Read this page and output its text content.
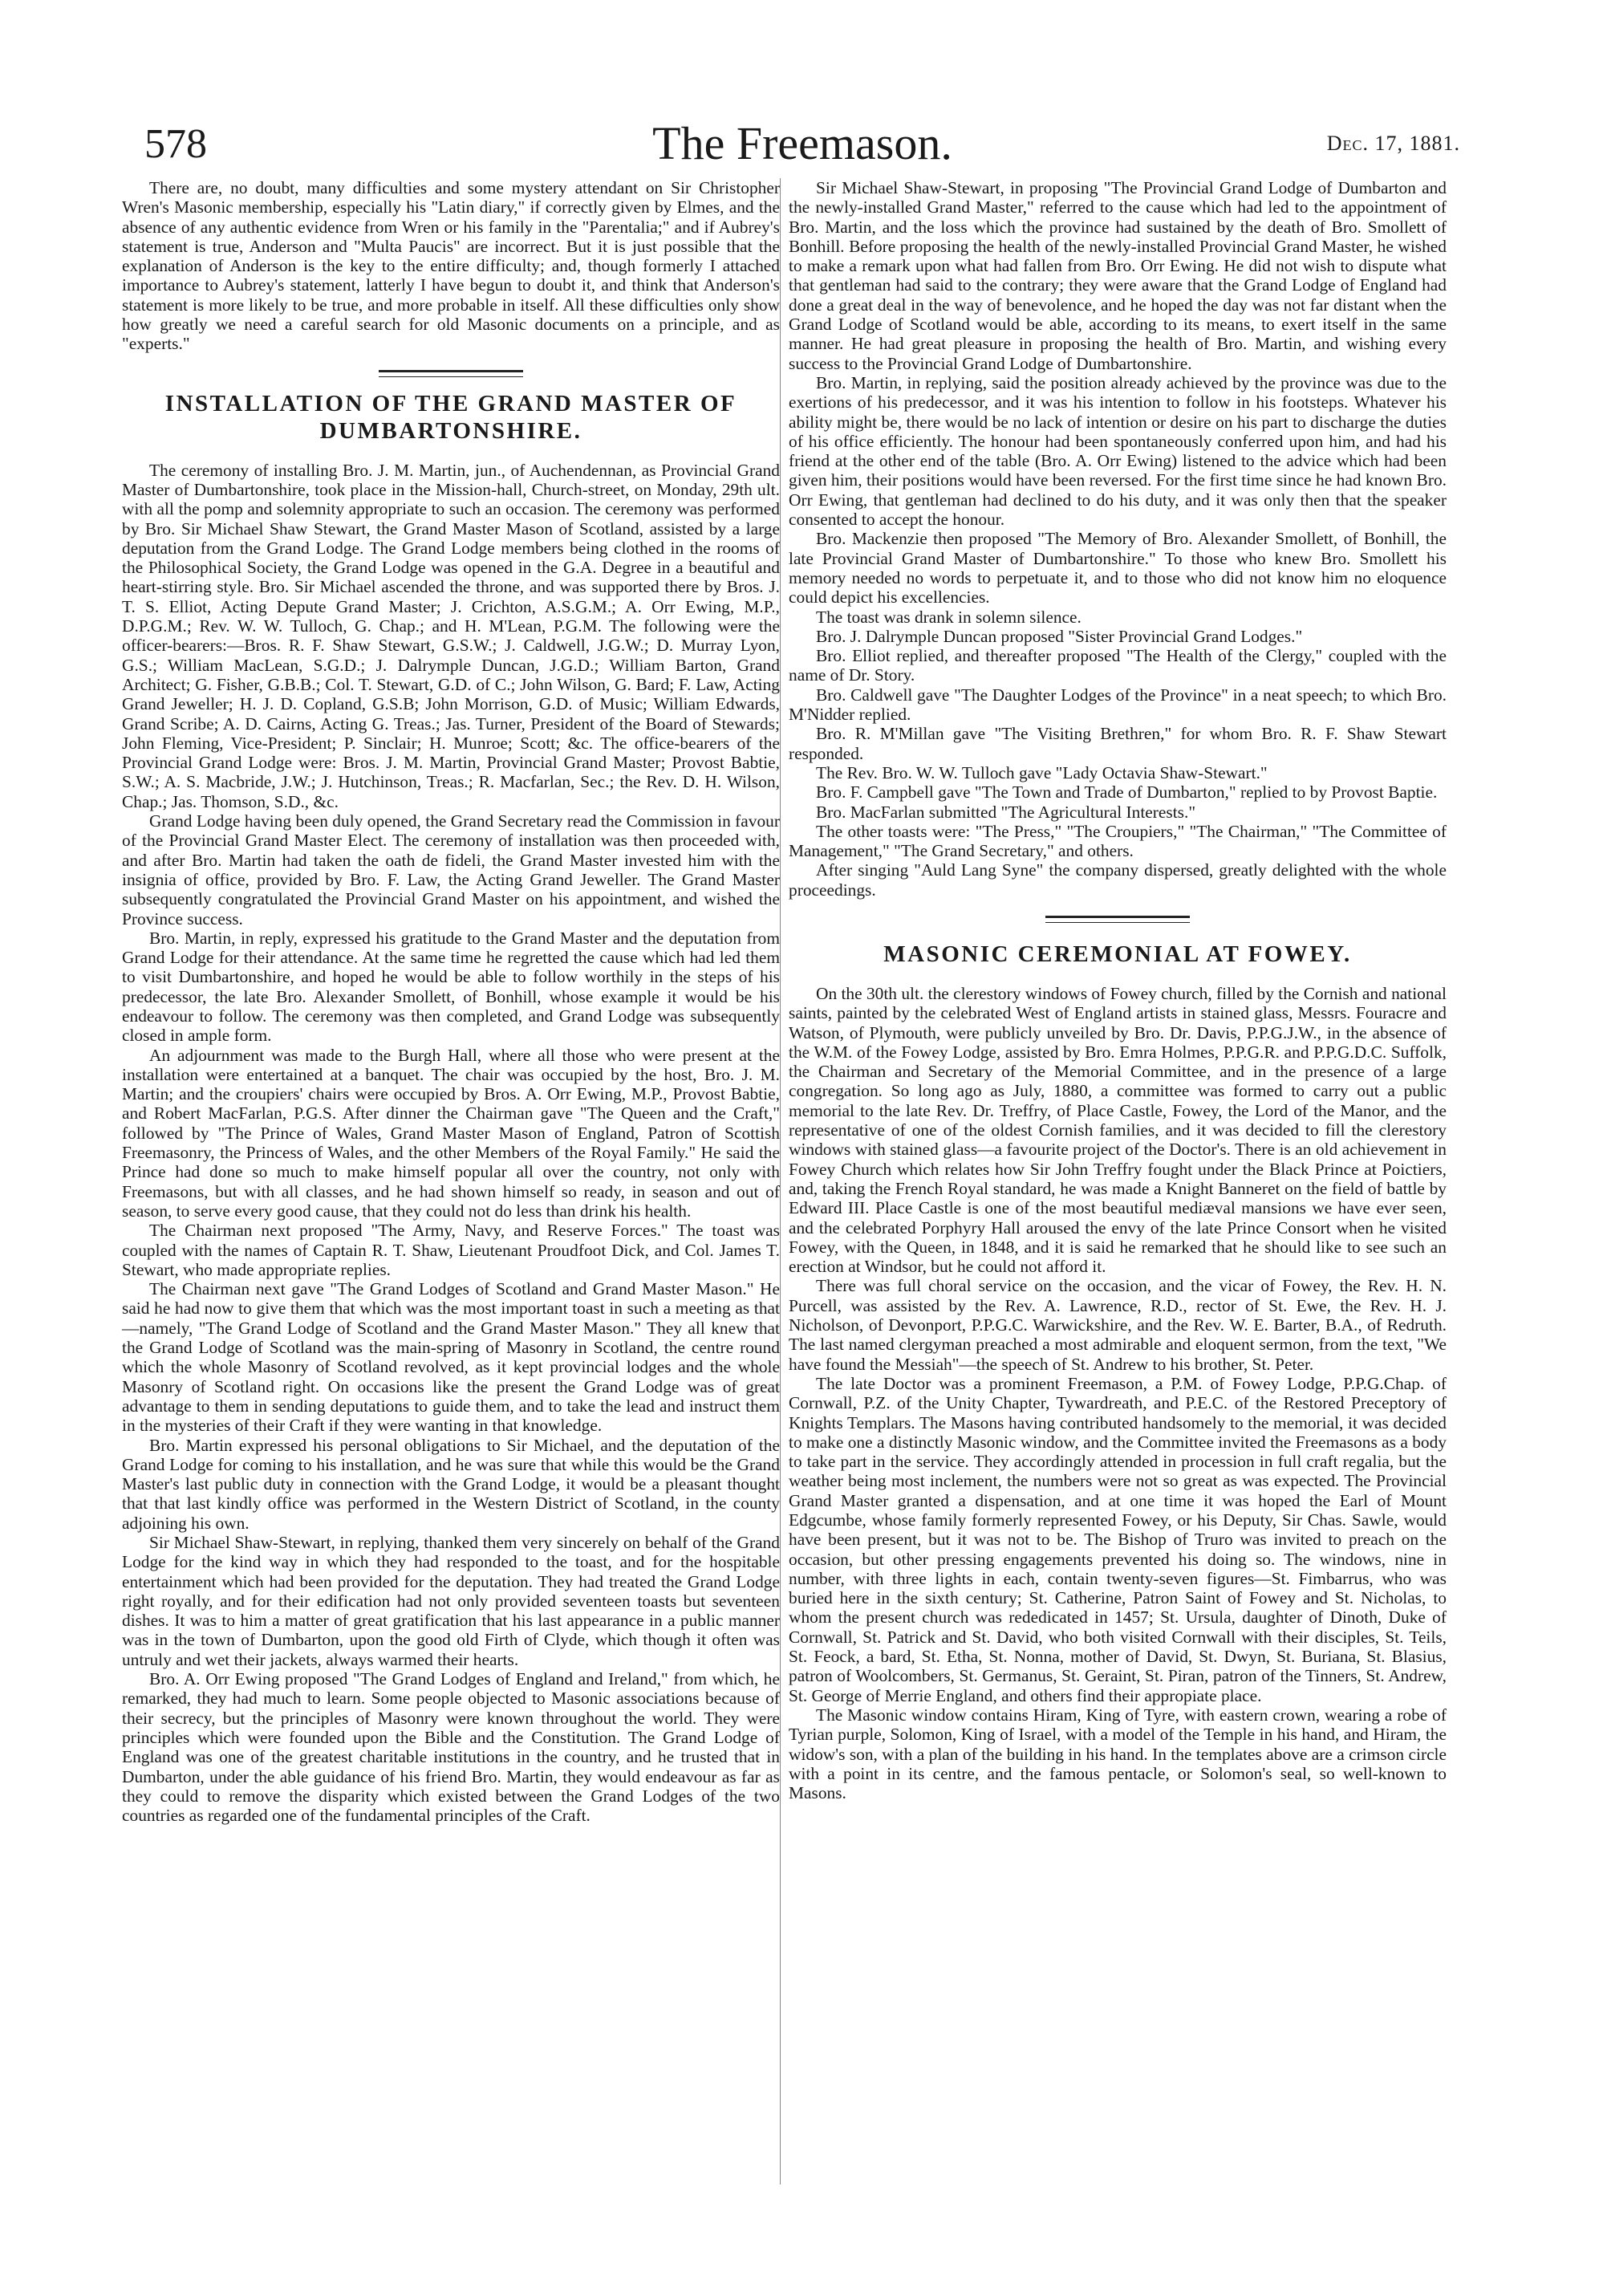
578	The Freemason.	Dec. 17, 1881.

There are, no doubt, many difficulties and some mystery attendant on Sir Christopher Wren's Masonic membership, especially his "Latin diary," if correctly given by Elmes, and the absence of any authentic evidence from Wren or his family in the "Parentalia;" and if Aubrey's statement is true, Anderson and "Multa Paucis" are incorrect. But it is just possible that the explanation of Anderson is the key to the entire difficulty; and, though formerly I attached importance to Aubrey's statement, latterly I have begun to doubt it, and think that Anderson's statement is more likely to be true, and more probable in itself. All these difficulties only show how greatly we need a careful search for old Masonic documents on a principle, and as "experts."

INSTALLATION OF THE GRAND MASTER OF DUMBARTONSHIRE.

The ceremony of installing Bro. J. M. Martin, jun., of Auchendennan, as Provincial Grand Master of Dumbartonshire, took place in the Mission-hall, Church-street, on Monday, 29th ult. with all the pomp and solemnity appropriate to such an occasion. The ceremony was performed by Bro. Sir Michael Shaw Stewart, the Grand Master Mason of Scotland, assisted by a large deputation from the Grand Lodge. The Grand Lodge members being clothed in the rooms of the Philosophical Society, the Grand Lodge was opened in the G.A. Degree in a beautiful and heart-stirring style. Bro. Sir Michael ascended the throne, and was supported there by Bros. J. T. S. Elliot, Acting Depute Grand Master; J. Crichton, A.S.G.M.; A. Orr Ewing, M.P., D.P.G.M.; Rev. W. W. Tulloch, G. Chap.; and H. M'Lean, P.G.M. The following were the officer-bearers:—Bros. R. F. Shaw Stewart, G.S.W.; J. Caldwell, J.G.W.; D. Murray Lyon, G.S.; William MacLean, S.G.D.; J. Dalrymple Duncan, J.G.D.; William Barton, Grand Architect; G. Fisher, G.B.B.; Col. T. Stewart, G.D. of C.; John Wilson, G. Bard; F. Law, Acting Grand Jeweller; H. J. D. Copland, G.S.B; John Morrison, G.D. of Music; William Edwards, Grand Scribe; A. D. Cairns, Acting G. Treas.; Jas. Turner, President of the Board of Stewards; John Fleming, Vice-President; P. Sinclair; H. Munroe; Scott; &c. The office-bearers of the Provincial Grand Lodge were: Bros. J. M. Martin, Provincial Grand Master; Provost Babtie, S.W.; A. S. Macbride, J.W.; J. Hutchinson, Treas.; R. Macfarlan, Sec.; the Rev. D. H. Wilson, Chap.; Jas. Thomson, S.D., &c.

Grand Lodge having been duly opened, the Grand Secretary read the Commission in favour of the Provincial Grand Master Elect. The ceremony of installation was then proceeded with, and after Bro. Martin had taken the oath de fideli, the Grand Master invested him with the insignia of office, provided by Bro. F. Law, the Acting Grand Jeweller. The Grand Master subsequently congratulated the Provincial Grand Master on his appointment, and wished the Province success.

Bro. Martin, in reply, expressed his gratitude to the Grand Master and the deputation from Grand Lodge for their attendance. At the same time he regretted the cause which had led them to visit Dumbartonshire, and hoped he would be able to follow worthily in the steps of his predecessor, the late Bro. Alexander Smollett, of Bonhill, whose example it would be his endeavour to follow. The ceremony was then completed, and Grand Lodge was subsequently closed in ample form.

An adjournment was made to the Burgh Hall, where all those who were present at the installation were entertained at a banquet. The chair was occupied by the host, Bro. J. M. Martin; and the croupiers' chairs were occupied by Bros. A. Orr Ewing, M.P., Provost Babtie, and Robert MacFarlan, P.G.S. After dinner the Chairman gave "The Queen and the Craft," followed by "The Prince of Wales, Grand Master Mason of England, Patron of Scottish Freemasonry, the Princess of Wales, and the other Members of the Royal Family." He said the Prince had done so much to make himself popular all over the country, not only with Freemasons, but with all classes, and he had shown himself so ready, in season and out of season, to serve every good cause, that they could not do less than drink his health.

The Chairman next proposed "The Army, Navy, and Reserve Forces." The toast was coupled with the names of Captain R. T. Shaw, Lieutenant Proudfoot Dick, and Col. James T. Stewart, who made appropriate replies.

The Chairman next gave "The Grand Lodges of Scotland and Grand Master Mason." He said he had now to give them that which was the most important toast in such a meeting as that—namely, "The Grand Lodge of Scotland and the Grand Master Mason." They all knew that the Grand Lodge of Scotland was the main-spring of Masonry in Scotland, the centre round which the whole Masonry of Scotland revolved, as it kept provincial lodges and the whole Masonry of Scotland right. On occasions like the present the Grand Lodge was of great advantage to them in sending deputations to guide them, and to take the lead and instruct them in the mysteries of their Craft if they were wanting in that knowledge.

Bro. Martin expressed his personal obligations to Sir Michael, and the deputation of the Grand Lodge for coming to his installation, and he was sure that while this would be the Grand Master's last public duty in connection with the Grand Lodge, it would be a pleasant thought that that last kindly office was performed in the Western District of Scotland, in the county adjoining his own.

Sir Michael Shaw-Stewart, in replying, thanked them very sincerely on behalf of the Grand Lodge for the kind way in which they had responded to the toast, and for the hospitable entertainment which had been provided for the deputation. They had treated the Grand Lodge right royally, and for their edification had not only provided seventeen toasts but seventeen dishes. It was to him a matter of great gratification that his last appearance in a public manner was in the town of Dumbarton, upon the good old Firth of Clyde, which though it often was untruly and wet their jackets, always warmed their hearts.

Bro. A. Orr Ewing proposed "The Grand Lodges of England and Ireland," from which, he remarked, they had much to learn. Some people objected to Masonic associations because of their secrecy, but the principles of Masonry were known throughout the world. They were principles which were founded upon the Bible and the Constitution. The Grand Lodge of England was one of the greatest charitable institutions in the country, and he trusted that in Dumbarton, under the able guidance of his friend Bro. Martin, they would endeavour as far as they could to remove the disparity which existed between the Grand Lodges of the two countries as regarded one of the fundamental principles of the Craft.

Sir Michael Shaw-Stewart, in proposing "The Provincial Grand Lodge of Dumbarton and the newly-installed Grand Master," referred to the cause which had led to the appointment of Bro. Martin, and the loss which the province had sustained by the death of Bro. Smollett of Bonhill. Before proposing the health of the newly-installed Provincial Grand Master, he wished to make a remark upon what had fallen from Bro. Orr Ewing. He did not wish to dispute what that gentleman had said to the contrary; they were aware that the Grand Lodge of England had done a great deal in the way of benevolence, and he hoped the day was not far distant when the Grand Lodge of Scotland would be able, according to its means, to exert itself in the same manner. He had great pleasure in proposing the health of Bro. Martin, and wishing every success to the Provincial Grand Lodge of Dumbartonshire.

Bro. Martin, in replying, said the position already achieved by the province was due to the exertions of his predecessor, and it was his intention to follow in his footsteps. Whatever his ability might be, there would be no lack of intention or desire on his part to discharge the duties of his office efficiently. The honour had been spontaneously conferred upon him, and had his friend at the other end of the table (Bro. A. Orr Ewing) listened to the advice which had been given him, their positions would have been reversed. For the first time since he had known Bro. Orr Ewing, that gentleman had declined to do his duty, and it was only then that the speaker consented to accept the honour.

Bro. Mackenzie then proposed "The Memory of Bro. Alexander Smollett, of Bonhill, the late Provincial Grand Master of Dumbartonshire." To those who knew Bro. Smollett his memory needed no words to perpetuate it, and to those who did not know him no eloquence could depict his excellencies.

The toast was drank in solemn silence.

Bro. J. Dalrymple Duncan proposed "Sister Provincial Grand Lodges."

Bro. Elliot replied, and thereafter proposed "The Health of the Clergy," coupled with the name of Dr. Story.

Bro. Caldwell gave "The Daughter Lodges of the Province" in a neat speech; to which Bro. M'Nidder replied.

Bro. R. M'Millan gave "The Visiting Brethren," for whom Bro. R. F. Shaw Stewart responded.

The Rev. Bro. W. W. Tulloch gave "Lady Octavia Shaw-Stewart."

Bro. F. Campbell gave "The Town and Trade of Dumbarton," replied to by Provost Baptie.

Bro. MacFarlan submitted "The Agricultural Interests."

The other toasts were: "The Press," "The Croupiers," "The Chairman," "The Committee of Management," "The Grand Secretary," and others.

After singing "Auld Lang Syne" the company dispersed, greatly delighted with the whole proceedings.

MASONIC CEREMONIAL AT FOWEY.

On the 30th ult. the clerestory windows of Fowey church, filled by the Cornish and national saints, painted by the celebrated West of England artists in stained glass, Messrs. Fouracre and Watson, of Plymouth, were publicly unveiled by Bro. Dr. Davis, P.P.G.J.W., in the absence of the W.M. of the Fowey Lodge, assisted by Bro. Emra Holmes, P.P.G.R. and P.P.G.D.C. Suffolk, the Chairman and Secretary of the Memorial Committee, and in the presence of a large congregation. So long ago as July, 1880, a committee was formed to carry out a public memorial to the late Rev. Dr. Treffry, of Place Castle, Fowey, the Lord of the Manor, and the representative of one of the oldest Cornish families, and it was decided to fill the clerestory windows with stained glass—a favourite project of the Doctor's. There is an old achievement in Fowey Church which relates how Sir John Treffry fought under the Black Prince at Poictiers, and, taking the French Royal standard, he was made a Knight Banneret on the field of battle by Edward III. Place Castle is one of the most beautiful mediæval mansions we have ever seen, and the celebrated Porphyry Hall aroused the envy of the late Prince Consort when he visited Fowey, with the Queen, in 1848, and it is said he remarked that he should like to see such an erection at Windsor, but he could not afford it.

There was full choral service on the occasion, and the vicar of Fowey, the Rev. H. N. Purcell, was assisted by the Rev. A. Lawrence, R.D., rector of St. Ewe, the Rev. H. J. Nicholson, of Devonport, P.P.G.C. Warwickshire, and the Rev. W. E. Barter, B.A., of Redruth. The last named clergyman preached a most admirable and eloquent sermon, from the text, "We have found the Messiah"—the speech of St. Andrew to his brother, St. Peter.

The late Doctor was a prominent Freemason, a P.M. of Fowey Lodge, P.P.G.Chap. of Cornwall, P.Z. of the Unity Chapter, Tywardreath, and P.E.C. of the Restored Preceptory of Knights Templars. The Masons having contributed handsomely to the memorial, it was decided to make one a distinctly Masonic window, and the Committee invited the Freemasons as a body to take part in the service. They accordingly attended in procession in full craft regalia, but the weather being most inclement, the numbers were not so great as was expected. The Provincial Grand Master granted a dispensation, and at one time it was hoped the Earl of Mount Edgcumbe, whose family formerly represented Fowey, or his Deputy, Sir Chas. Sawle, would have been present, but it was not to be. The Bishop of Truro was invited to preach on the occasion, but other pressing engagements prevented his doing so. The windows, nine in number, with three lights in each, contain twenty-seven figures—St. Fimbarrus, who was buried here in the sixth century; St. Catherine, Patron Saint of Fowey and St. Nicholas, to whom the present church was rededicated in 1457; St. Ursula, daughter of Dinoth, Duke of Cornwall, St. Patrick and St. David, who both visited Cornwall with their disciples, St. Teils, St. Feock, a bard, St. Etha, St. Nonna, mother of David, St. Dwyn, St. Buriana, St. Blasius, patron of Woolcombers, St. Germanus, St. Geraint, St. Piran, patron of the Tinners, St. Andrew, St. George of Merrie England, and others find their appropiate place.

The Masonic window contains Hiram, King of Tyre, with eastern crown, wearing a robe of Tyrian purple, Solomon, King of Israel, with a model of the Temple in his hand, and Hiram, the widow's son, with a plan of the building in his hand. In the templates above are a crimson circle with a point in its centre, and the famous pentacle, or Solomon's seal, so well-known to Masons.
